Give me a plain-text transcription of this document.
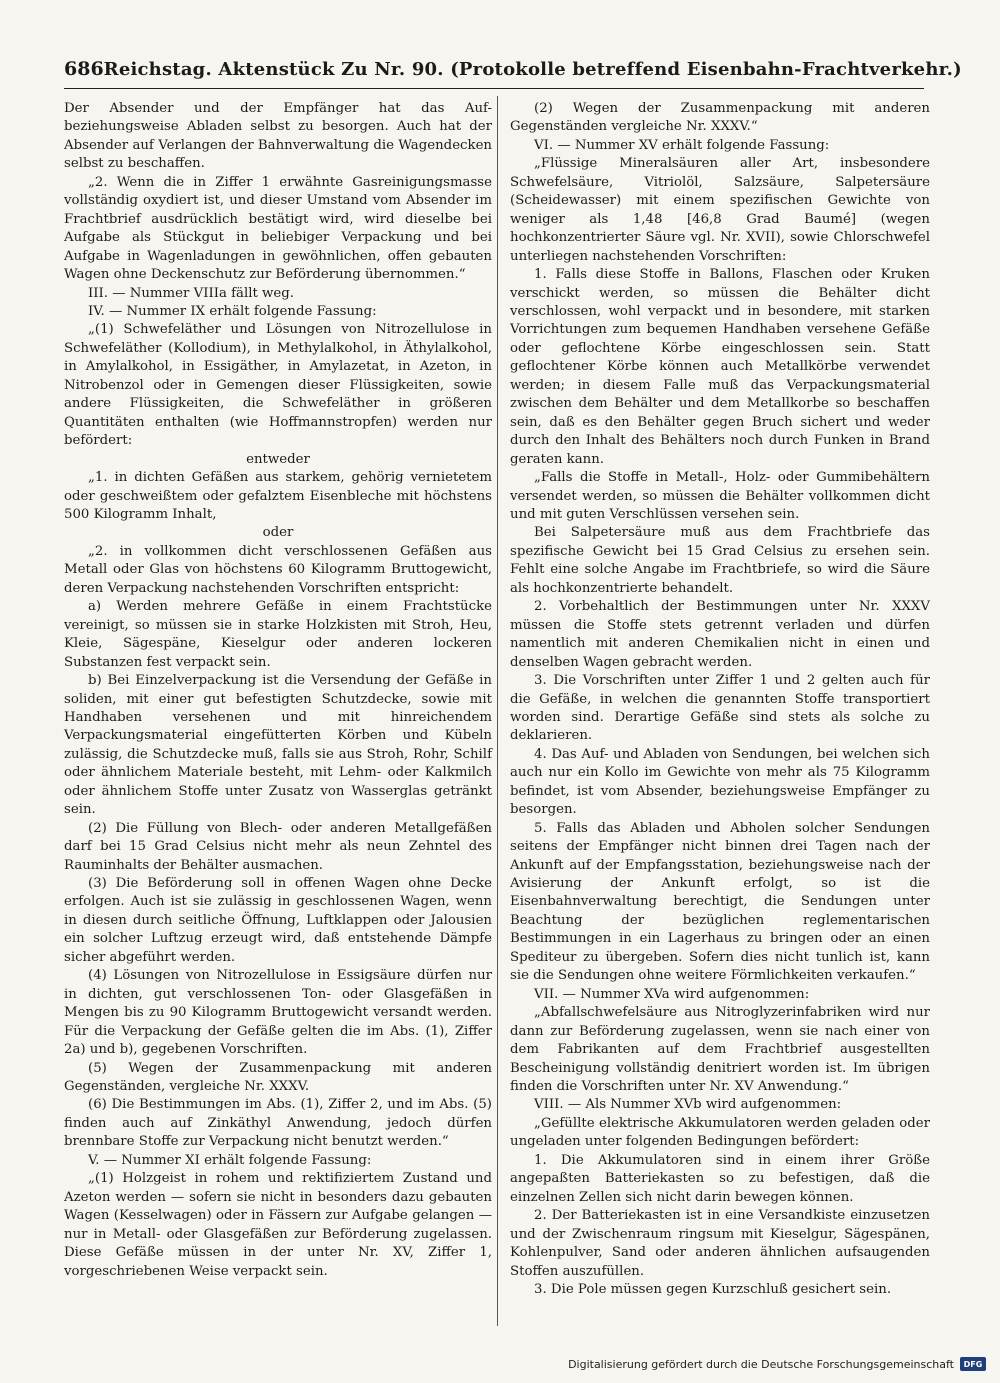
686 Reichstag. Aktenstück Zu Nr. 90. (Protokolle betreffend Eisenbahn-Frachtverkehr.)

Der Absender und der Empfänger hat das Auf- beziehungsweise Abladen selbst zu besorgen. Auch hat der Absender auf Verlangen der Bahnverwaltung die Wagendecken selbst zu beschaffen.

„2. Wenn die in Ziffer 1 erwähnte Gasreinigungsmasse vollständig oxydiert ist, und dieser Umstand vom Absender im Frachtbrief ausdrücklich bestätigt wird, wird dieselbe bei Aufgabe als Stückgut in beliebiger Verpackung und bei Aufgabe in Wagenladungen in gewöhnlichen, offen gebauten Wagen ohne Deckenschutz zur Beförderung übernommen.“

III. — Nummer VIIIa fällt weg.

IV. — Nummer IX erhält folgende Fassung:

„(1) Schwefeläther und Lösungen von Nitrozellulose in Schwefeläther (Kollodium), in Methylalkohol, in Äthylalkohol, in Amylalkohol, in Essigäther, in Amylazetat, in Azeton, in Nitrobenzol oder in Gemengen dieser Flüssigkeiten, sowie andere Flüssigkeiten, die Schwefeläther in größeren Quantitäten enthalten (wie Hoffmannstropfen) werden nur befördert:

entweder

„1. in dichten Gefäßen aus starkem, gehörig vernietetem oder geschweißtem oder gefalztem Eisenbleche mit höchstens 500 Kilogramm Inhalt,

oder

„2. in vollkommen dicht verschlossenen Gefäßen aus Metall oder Glas von höchstens 60 Kilogramm Bruttogewicht, deren Verpackung nachstehenden Vorschriften entspricht:

a) Werden mehrere Gefäße in einem Frachtstücke vereinigt, so müssen sie in starke Holzkisten mit Stroh, Heu, Kleie, Sägespäne, Kieselgur oder anderen lockeren Substanzen fest verpackt sein.

b) Bei Einzelverpackung ist die Versendung der Gefäße in soliden, mit einer gut befestigten Schutzdecke, sowie mit Handhaben versehenen und mit hinreichendem Verpackungsmaterial eingefütterten Körben und Kübeln zulässig, die Schutzdecke muß, falls sie aus Stroh, Rohr, Schilf oder ähnlichem Materiale besteht, mit Lehm- oder Kalkmilch oder ähnlichem Stoffe unter Zusatz von Wasserglas getränkt sein.

(2) Die Füllung von Blech- oder anderen Metallgefäßen darf bei 15 Grad Celsius nicht mehr als neun Zehntel des Rauminhalts der Behälter ausmachen.

(3) Die Beförderung soll in offenen Wagen ohne Decke erfolgen. Auch ist sie zulässig in geschlossenen Wagen, wenn in diesen durch seitliche Öffnung, Luftklappen oder Jalousien ein solcher Luftzug erzeugt wird, daß entstehende Dämpfe sicher abgeführt werden.

(4) Lösungen von Nitrozellulose in Essigsäure dürfen nur in dichten, gut verschlossenen Ton- oder Glasgefäßen in Mengen bis zu 90 Kilogramm Bruttogewicht versandt werden. Für die Verpackung der Gefäße gelten die im Abs. (1), Ziffer 2a) und b), gegebenen Vorschriften.

(5) Wegen der Zusammenpackung mit anderen Gegenständen, vergleiche Nr. XXXV.

(6) Die Bestimmungen im Abs. (1), Ziffer 2, und im Abs. (5) finden auch auf Zinkäthyl Anwendung, jedoch dürfen brennbare Stoffe zur Verpackung nicht benutzt werden.“

V. — Nummer XI erhält folgende Fassung:

„(1) Holzgeist in rohem und rektifiziertem Zustand und Azeton werden — sofern sie nicht in besonders dazu gebauten Wagen (Kesselwagen) oder in Fässern zur Aufgabe gelangen — nur in Metall- oder Glasgefäßen zur Beförderung zugelassen. Diese Gefäße müssen in der unter Nr. XV, Ziffer 1, vorgeschriebenen Weise verpackt sein.

(2) Wegen der Zusammenpackung mit anderen Gegenständen vergleiche Nr. XXXV.“

VI. — Nummer XV erhält folgende Fassung:

„Flüssige Mineralsäuren aller Art, insbesondere Schwefelsäure, Vitriolöl, Salzsäure, Salpetersäure (Scheidewasser) mit einem spezifischen Gewichte von weniger als 1,48 [46,8 Grad Baumé] (wegen hochkonzentrierter Säure vgl. Nr. XVII), sowie Chlorschwefel unterliegen nachstehenden Vorschriften:

1. Falls diese Stoffe in Ballons, Flaschen oder Kruken verschickt werden, so müssen die Behälter dicht verschlossen, wohl verpackt und in besondere, mit starken Vorrichtungen zum bequemen Handhaben versehene Gefäße oder geflochtene Körbe eingeschlossen sein. Statt geflochtener Körbe können auch Metallkörbe verwendet werden; in diesem Falle muß das Verpackungsmaterial zwischen dem Behälter und dem Metallkorbe so beschaffen sein, daß es den Behälter gegen Bruch sichert und weder durch den Inhalt des Behälters noch durch Funken in Brand geraten kann.

„Falls die Stoffe in Metall-, Holz- oder Gummibehältern versendet werden, so müssen die Behälter vollkommen dicht und mit guten Verschlüssen versehen sein.

Bei Salpetersäure muß aus dem Frachtbriefe das spezifische Gewicht bei 15 Grad Celsius zu ersehen sein. Fehlt eine solche Angabe im Frachtbriefe, so wird die Säure als hochkonzentrierte behandelt.

2. Vorbehaltlich der Bestimmungen unter Nr. XXXV müssen die Stoffe stets getrennt verladen und dürfen namentlich mit anderen Chemikalien nicht in einen und denselben Wagen gebracht werden.

3. Die Vorschriften unter Ziffer 1 und 2 gelten auch für die Gefäße, in welchen die genannten Stoffe transportiert worden sind. Derartige Gefäße sind stets als solche zu deklarieren.

4. Das Auf- und Abladen von Sendungen, bei welchen sich auch nur ein Kollo im Gewichte von mehr als 75 Kilogramm befindet, ist vom Absender, beziehungsweise Empfänger zu besorgen.

5. Falls das Abladen und Abholen solcher Sendungen seitens der Empfänger nicht binnen drei Tagen nach der Ankunft auf der Empfangsstation, beziehungsweise nach der Avisierung der Ankunft erfolgt, so ist die Eisenbahnverwaltung berechtigt, die Sendungen unter Beachtung der bezüglichen reglementarischen Bestimmungen in ein Lagerhaus zu bringen oder an einen Spediteur zu übergeben. Sofern dies nicht tunlich ist, kann sie die Sendungen ohne weitere Förmlichkeiten verkaufen.“

VII. — Nummer XVa wird aufgenommen:

„Abfallschwefelsäure aus Nitroglyzerinfabriken wird nur dann zur Beförderung zugelassen, wenn sie nach einer von dem Fabrikanten auf dem Frachtbrief ausgestellten Bescheinigung vollständig denitriert worden ist. Im übrigen finden die Vorschriften unter Nr. XV Anwendung.“

VIII. — Als Nummer XVb wird aufgenommen:

„Gefüllte elektrische Akkumulatoren werden geladen oder ungeladen unter folgenden Bedingungen befördert:

1. Die Akkumulatoren sind in einem ihrer Größe angepaßten Batteriekasten so zu befestigen, daß die einzelnen Zellen sich nicht darin bewegen können.

2. Der Batteriekasten ist in eine Versandkiste einzusetzen und der Zwischenraum ringsum mit Kieselgur, Sägespänen, Kohlenpulver, Sand oder anderen ähnlichen aufsaugenden Stoffen auszufüllen.

3. Die Pole müssen gegen Kurzschluß gesichert sein.

Digitalisierung gefördert durch die Deutsche Forschungsgemeinschaft	DFG
